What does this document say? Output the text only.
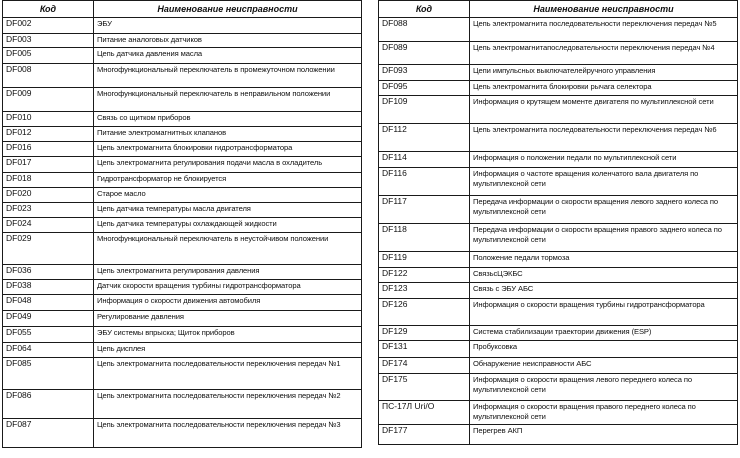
Код	Наименование неисправности
DF002	ЭБУ
DF003	Питание аналоговых датчиков
DF005	Цепь датчика давления масла
DF008	Многофункциональный переключатель в промежуточном положении
DF009	Многофункциональный переключатель в неправильном положении
DF010	Связь со щитком приборов
DF012	Питание электромагнитных клапанов
DF016	Цепь электромагнита блокировки гидротрансформатора
DF017	Цепь электромагнита регулирования подачи масла в охладитель
DF018	Гидротрансформатор не блокируется
DF020	Старое масло
DF023	Цепь датчика температуры масла двигателя
DF024	Цепь датчика температуры охлаждающей жидкости
DF029	Многофункциональный переключатель в неустойчивом положении
DF036	Цепь электромагнита регулирования давления
DF038	Датчик скорости вращения турбины гидротрансформатора
DF048	Информация о скорости движения автомобиля
DF049	Регулирование давления
DF055	ЭБУ системы впрыска; Щиток приборов
DF064	Цепь дисплея
DF085	Цепь электромагнита последовательности переключения передач №1
DF086	Цепь электромагнита последовательности переключения передач №2
DF087	Цепь электромагнита последовательности переключения передач №3
Код	Наименование неисправности
DF088	Цепь электромагнита последовательности переключения передач №5
DF089	Цепь электромагнитапоследовательности переключения передач №4
DF093	Цепи импульсных выключателейручного управления
DF095	Цепь электромагнита блокировки рычага селектора
DF109	Информация о крутящем моменте двигателя по мультиплексной сети
DF112	Цепь электромагнита последовательности переключения передач №6
DF114	Информация о положении педали по мультиплексной сети
DF116	Информация о частоте вращения коленчатого вала двигателя по мультиплексной сети
DF117	Передача информации о скорости вращения левого заднего колеса по мультиплексной сети
DF118	Передача информации о скорости вращения правого заднего колеса по мультиплексной сети
DF119	Положение педали тормоза
DF122	СвязьсЦЭКБС
DF123	Связь с ЭБУ АБС
DF126	Информация о скорости вращения турбины гидротрансформатора
DF129	Система стабилизации траектории движения (ESP)
DF131	Пробуксовка
DF174	Обнаружение неисправности АБС
DF175	Информация о скорости вращения левого переднего колеса по мультиплексной сети
ПС-17Л Uri/O	Информация о скорости вращения правого переднего колеса по мультиплексной сети
DF177	Перегрев АКП
